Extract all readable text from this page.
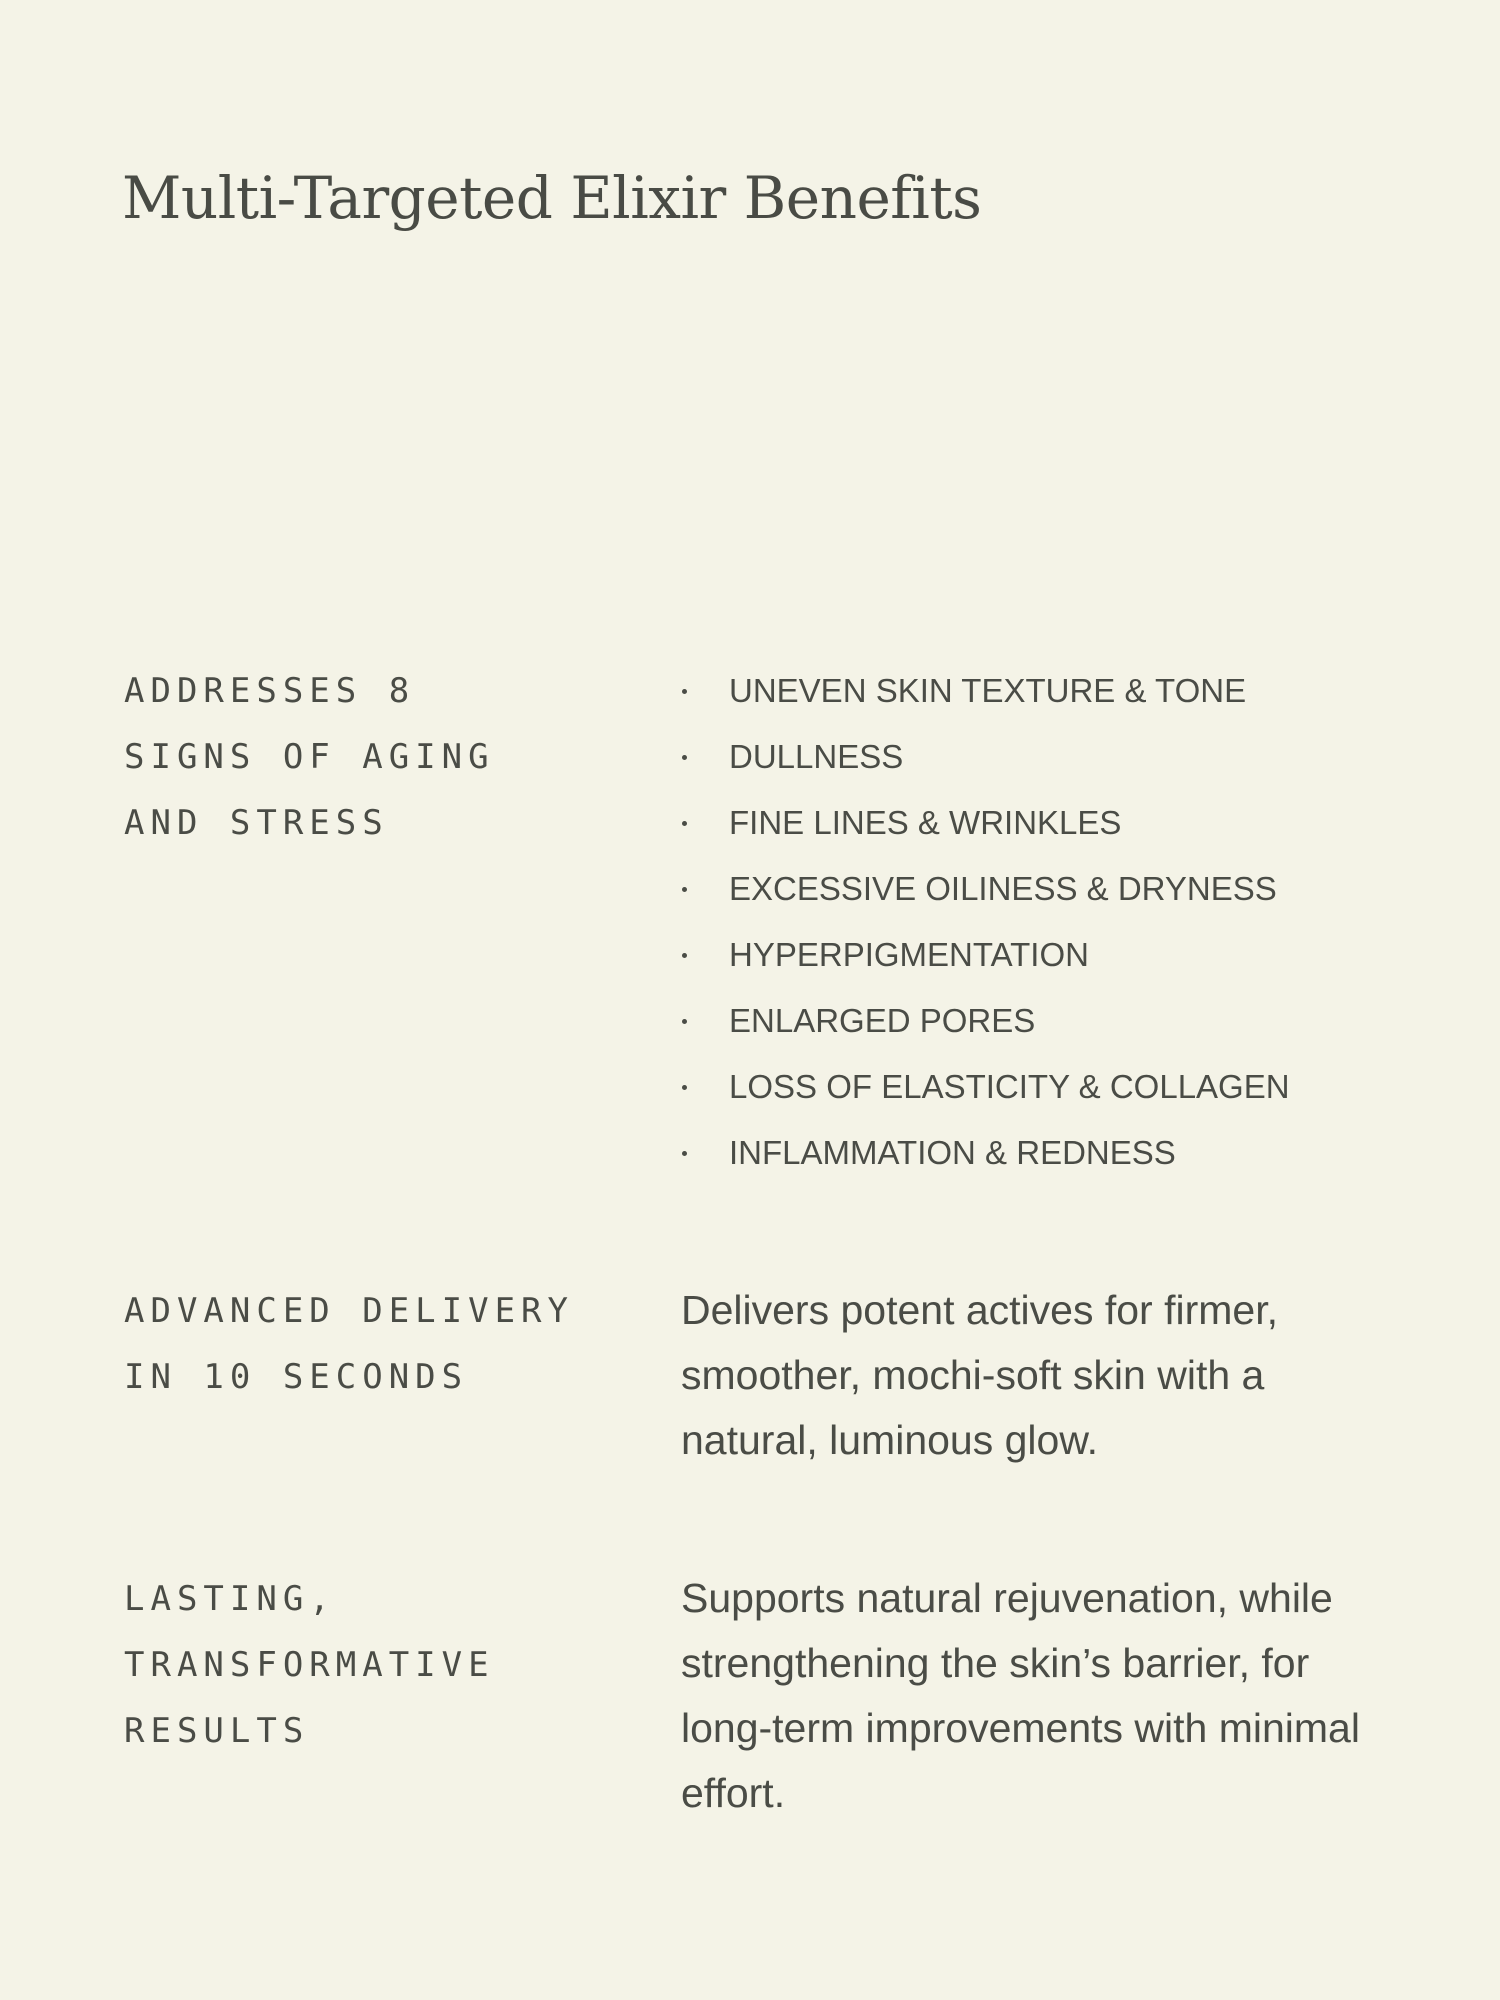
Multi-Targeted Elixir Benefits
ADDRESSES 8
SIGNS OF AGING
AND STRESS
UNEVEN SKIN TEXTURE & TONE
DULLNESS
FINE LINES & WRINKLES
EXCESSIVE OILINESS & DRYNESS
HYPERPIGMENTATION
ENLARGED PORES
LOSS OF ELASTICITY & COLLAGEN
INFLAMMATION & REDNESS
ADVANCED DELIVERY
IN 10 SECONDS

Delivers potent actives for firmer, smoother, mochi-soft skin with a natural, luminous glow.

LASTING,
TRANSFORMATIVE
RESULTS

Supports natural rejuvenation, while strengthening the skin’s barrier, for long-term improvements with minimal effort.
